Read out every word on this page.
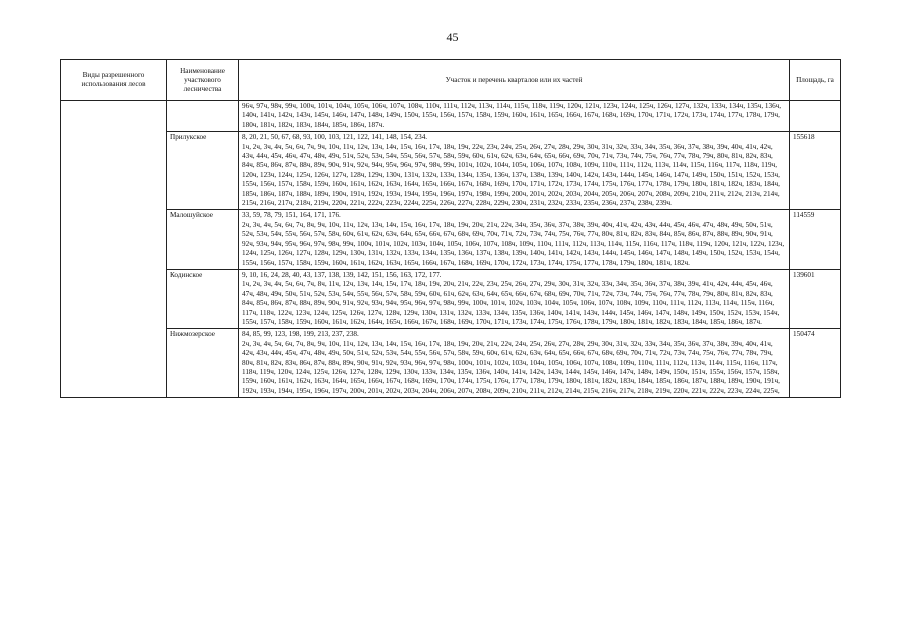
45
Виды разрешенного использования лесов	Наименование участкового лесничества	Участок и перечень кварталов или их частей	Площадь, га
		96ч, 97ч, 98ч, 99ч, 100ч, 101ч, 104ч, 105ч, 106ч, 107ч, 108ч, 110ч, 111ч, 112ч, 113ч, 114ч, 115ч, 118ч, 119ч, 120ч, 121ч, 123ч, 124ч, 125ч, 126ч, 127ч, 132ч, 133ч, 134ч, 135ч, 136ч, 140ч, 141ч, 142ч, 143ч, 145ч, 146ч, 147ч, 148ч, 149ч, 150ч, 155ч, 156ч, 157ч, 158ч, 159ч, 160ч, 161ч, 165ч, 166ч, 167ч, 168ч, 169ч, 170ч, 171ч, 172ч, 173ч, 174ч, 177ч, 178ч, 179ч, 180ч, 181ч, 182ч, 183ч, 184ч, 185ч, 186ч, 187ч.	
	Прилукское	8, 20, 21, 50, 67, 68, 93, 100, 103, 121, 122, 141, 148, 154, 234.
1ч, 2ч, 3ч, 4ч, 5ч, 6ч, 7ч, 9ч, 10ч, 11ч, 12ч, 13ч, 14ч, 15ч, 16ч, 17ч, 18ч, 19ч, 22ч, 23ч, 24ч, 25ч, 26ч, 27ч, 28ч, 29ч, 30ч, 31ч, 32ч, 33ч, 34ч, 35ч, 36ч, 37ч, 38ч, 39ч, 40ч, 41ч, 42ч, 43ч, 44ч, 45ч, 46ч, 47ч, 48ч, 49ч, 51ч, 52ч, 53ч, 54ч, 55ч, 56ч, 57ч, 58ч, 59ч, 60ч, 61ч, 62ч, 63ч, 64ч, 65ч, 66ч, 69ч, 70ч, 71ч, 73ч, 74ч, 75ч, 76ч, 77ч, 78ч, 79ч, 80ч, 81ч, 82ч, 83ч, 84ч, 85ч, 86ч, 87ч, 88ч, 89ч, 90ч, 91ч, 92ч, 94ч, 95ч, 96ч, 97ч, 98ч, 99ч, 101ч, 102ч, 104ч, 105ч, 106ч, 107ч, 108ч, 109ч, 110ч, 111ч, 112ч, 113ч, 114ч, 115ч, 116ч, 117ч, 118ч, 119ч, 120ч, 123ч, 124ч, 125ч, 126ч, 127ч, 128ч, 129ч, 130ч, 131ч, 132ч, 133ч, 134ч, 135ч, 136ч, 137ч, 138ч, 139ч, 140ч, 142ч, 143ч, 144ч, 145ч, 146ч, 147ч, 149ч, 150ч, 151ч, 152ч, 153ч, 155ч, 156ч, 157ч, 158ч, 159ч, 160ч, 161ч, 162ч, 163ч, 164ч, 165ч, 166ч, 167ч, 168ч, 169ч, 170ч, 171ч, 172ч, 173ч, 174ч, 175ч, 176ч, 177ч, 178ч, 179ч, 180ч, 181ч, 182ч, 183ч, 184ч, 185ч, 186ч, 187ч, 188ч, 189ч, 190ч, 191ч, 192ч, 193ч, 194ч, 195ч, 196ч, 197ч, 198ч, 199ч, 200ч, 201ч, 202ч, 203ч, 204ч, 205ч, 206ч, 207ч, 208ч, 209ч, 210ч, 211ч, 212ч, 213ч, 214ч, 215ч, 216ч, 217ч, 218ч, 219ч, 220ч, 221ч, 222ч, 223ч, 224ч, 225ч, 226ч, 227ч, 228ч, 229ч, 230ч, 231ч, 232ч, 233ч, 235ч, 236ч, 237ч, 238ч, 239ч.	155618
	Малошуйское	33, 59, 78, 79, 151, 164, 171, 176.
2ч, 3ч, 4ч, 5ч, 6ч, 7ч, 8ч, 9ч, 10ч, 11ч, 12ч, 13ч, 14ч, 15ч, 16ч, 17ч, 18ч, 19ч, 20ч, 21ч, 22ч, 34ч, 35ч, 36ч, 37ч, 38ч, 39ч, 40ч, 41ч, 42ч, 43ч, 44ч, 45ч, 46ч, 47ч, 48ч, 49ч, 50ч, 51ч, 52ч, 53ч, 54ч, 55ч, 56ч, 57ч, 58ч, 60ч, 61ч, 62ч, 63ч, 64ч, 65ч, 66ч, 67ч, 68ч, 69ч, 70ч, 71ч, 72ч, 73ч, 74ч, 75ч, 76ч, 77ч, 80ч, 81ч, 82ч, 83ч, 84ч, 85ч, 86ч, 87ч, 88ч, 89ч, 90ч, 91ч, 92ч, 93ч, 94ч, 95ч, 96ч, 97ч, 98ч, 99ч, 100ч, 101ч, 102ч, 103ч, 104ч, 105ч, 106ч, 107ч, 108ч, 109ч, 110ч, 111ч, 112ч, 113ч, 114ч, 115ч, 116ч, 117ч, 118ч, 119ч, 120ч, 121ч, 122ч, 123ч, 124ч, 125ч, 126ч, 127ч, 128ч, 129ч, 130ч, 131ч, 132ч, 133ч, 134ч, 135ч, 136ч, 137ч, 138ч, 139ч, 140ч, 141ч, 142ч, 143ч, 144ч, 145ч, 146ч, 147ч, 148ч, 149ч, 150ч, 152ч, 153ч, 154ч, 155ч, 156ч, 157ч, 158ч, 159ч, 160ч, 161ч, 162ч, 163ч, 165ч, 166ч, 167ч, 168ч, 169ч, 170ч, 172ч, 173ч, 174ч, 175ч, 177ч, 178ч, 179ч, 180ч, 181ч, 182ч.	114559
	Кодинское	9, 10, 16, 24, 28, 40, 43, 137, 138, 139, 142, 151, 156, 163, 172, 177.
1ч, 2ч, 3ч, 4ч, 5ч, 6ч, 7ч, 8ч, 11ч, 12ч, 13ч, 14ч, 15ч, 17ч, 18ч, 19ч, 20ч, 21ч, 22ч, 23ч, 25ч, 26ч, 27ч, 29ч, 30ч, 31ч, 32ч, 33ч, 34ч, 35ч, 36ч, 37ч, 38ч, 39ч, 41ч, 42ч, 44ч, 45ч, 46ч, 47ч, 48ч, 49ч, 50ч, 51ч, 52ч, 53ч, 54ч, 55ч, 56ч, 57ч, 58ч, 59ч, 60ч, 61ч, 62ч, 63ч, 64ч, 65ч, 66ч, 67ч, 68ч, 69ч, 70ч, 71ч, 72ч, 73ч, 74ч, 75ч, 76ч, 77ч, 78ч, 79ч, 80ч, 81ч, 82ч, 83ч, 84ч, 85ч, 86ч, 87ч, 88ч, 89ч, 90ч, 91ч, 92ч, 93ч, 94ч, 95ч, 96ч, 97ч, 98ч, 99ч, 100ч, 101ч, 102ч, 103ч, 104ч, 105ч, 106ч, 107ч, 108ч, 109ч, 110ч, 111ч, 112ч, 113ч, 114ч, 115ч, 116ч, 117ч, 118ч, 122ч, 123ч, 124ч, 125ч, 126ч, 127ч, 128ч, 129ч, 130ч, 131ч, 132ч, 133ч, 134ч, 135ч, 136ч, 140ч, 141ч, 143ч, 144ч, 145ч, 146ч, 147ч, 148ч, 149ч, 150ч, 152ч, 153ч, 154ч, 155ч, 157ч, 158ч, 159ч, 160ч, 161ч, 162ч, 164ч, 165ч, 166ч, 167ч, 168ч, 169ч, 170ч, 171ч, 173ч, 174ч, 175ч, 176ч, 178ч, 179ч, 180ч, 181ч, 182ч, 183ч, 184ч, 185ч, 186ч, 187ч.	139601
	Нижмозерское	84, 85, 99, 123, 198, 199, 213, 237, 238.
2ч, 3ч, 4ч, 5ч, 6ч, 7ч, 8ч, 9ч, 10ч, 11ч, 12ч, 13ч, 14ч, 15ч, 16ч, 17ч, 18ч, 19ч, 20ч, 21ч, 22ч, 24ч, 25ч, 26ч, 27ч, 28ч, 29ч, 30ч, 31ч, 32ч, 33ч, 34ч, 35ч, 36ч, 37ч, 38ч, 39ч, 40ч, 41ч, 42ч, 43ч, 44ч, 45ч, 47ч, 48ч, 49ч, 50ч, 51ч, 52ч, 53ч, 54ч, 55ч, 56ч, 57ч, 58ч, 59ч, 60ч, 61ч, 62ч, 63ч, 64ч, 65ч, 66ч, 67ч, 68ч, 69ч, 70ч, 71ч, 72ч, 73ч, 74ч, 75ч, 76ч, 77ч, 78ч, 79ч, 80ч, 81ч, 82ч, 83ч, 86ч, 87ч, 88ч, 89ч, 90ч, 91ч, 92ч, 93ч, 96ч, 97ч, 98ч, 100ч, 101ч, 102ч, 103ч, 104ч, 105ч, 106ч, 107ч, 108ч, 109ч, 110ч, 111ч, 112ч, 113ч, 114ч, 115ч, 116ч, 117ч, 118ч, 119ч, 120ч, 124ч, 125ч, 126ч, 127ч, 128ч, 129ч, 130ч, 133ч, 134ч, 135ч, 136ч, 140ч, 141ч, 142ч, 143ч, 144ч, 145ч, 146ч, 147ч, 148ч, 149ч, 150ч, 151ч, 155ч, 156ч, 157ч, 158ч, 159ч, 160ч, 161ч, 162ч, 163ч, 164ч, 165ч, 166ч, 167ч, 168ч, 169ч, 170ч, 174ч, 175ч, 176ч, 177ч, 178ч, 179ч, 180ч, 181ч, 182ч, 183ч, 184ч, 185ч, 186ч, 187ч, 188ч, 189ч, 190ч, 191ч, 192ч, 193ч, 194ч, 195ч, 196ч, 197ч, 200ч, 201ч, 202ч, 203ч, 204ч, 206ч, 207ч, 208ч, 209ч, 210ч, 211ч, 212ч, 214ч, 215ч, 216ч, 217ч, 218ч, 219ч, 220ч, 221ч, 222ч, 223ч, 224ч, 225ч,	150474
